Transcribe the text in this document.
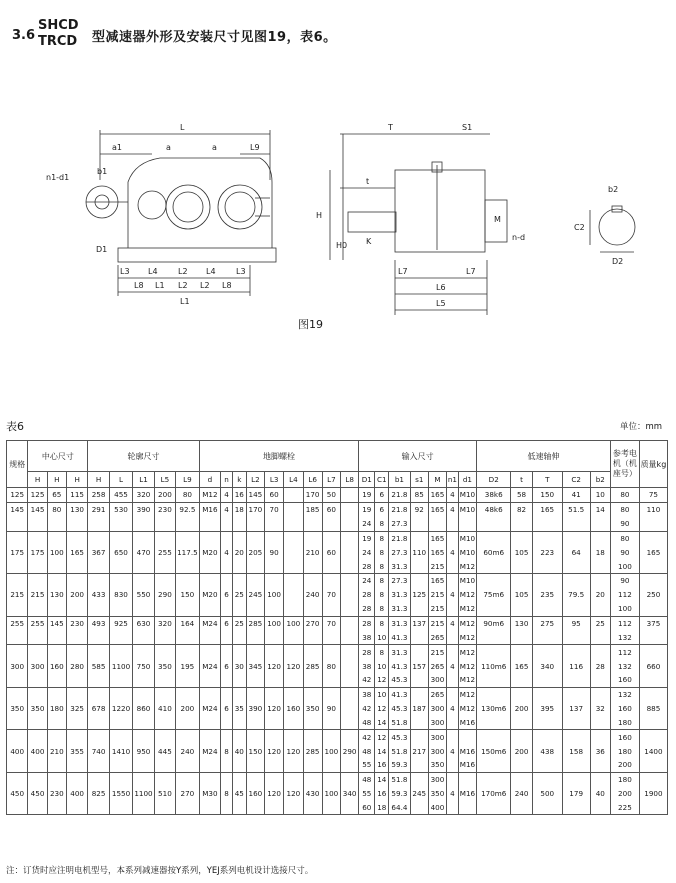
3.6
SHCD
TRCD 型减速器外形及安装尺寸见图19，表6。
L
a1	L9
n1-d1
b1
D1
L3 L4	L2 L4	L3
L8 L1 L2 L2 L8
a	a
L1
T	S1
t
H	M
H0 K	n-d
L7
L6
L7
L5
b2
C2
D2
图19
表6	单位：mm
规格	中心尺寸			轮廓尺寸					地脚螺栓									输入尺寸							低速轴伸					参考电机（机座号）	质量kg
	H	H	H	H	L	L1	L5	L9	d	n	k	L2	L3	L4	L6	L7	L8	D1	C1	b1	s1	M	n1	d1	D2	t	T	C2	b2		
125	125	65	115	258	455	320	200	80	M12	4	16	145	60		170	50		19	6	21.8	85	165	4	M10	38k6	58	150	41	10	80	75
145	145	80	130	291	530	390	230	92.5	M16	4	18	170	70		185	60		19	6	21.8	92	165	4	M10	48k6	82	165	51.5	14	80	110
																		24	8	27.3										90	
																		19	8	21.8		165		M10						80	
175	175	100	165	367	650	470	255	117.5	M20	4	20	205	90		210	60		24	8	27.3	110	165	4	M10	60m6	105	223	64	18	90	165
																		28	8	31.3		215		M12						100	
																		24	8	27.3		165		M10						90	
215	215	130	200	433	830	550	290	150	M20	6	25	245	100		240	70		28	8	31.3	125	215	4	M12	75m6	105	235	79.5	20	112	250
																		28	8	31.3		215		M12						100	
255	255	145	230	493	925	630	320	164	M24	6	25	285	100	100	270	70		28	8	31.3	137	215	4	M12	90m6	130	275	95	25	112	375
																		38	10	41.3		265		M12						132	
																		28	8	31.3		215		M12						112	
300	300	160	280	585	1100	750	350	195	M24	6	30	345	120	120	285	80		38	10	41.3	157	265	4	M12	110m6	165	340	116	28	132	660
																		42	12	45.3		300		M12						160	
																		38	10	41.3		265		M12						132	
350	350	180	325	678	1220	860	410	200	M24	6	35	390	120	160	350	90		42	12	45.3	187	300	4	M12	130m6	200	395	137	32	160	885
																		48	14	51.8		300		M16						180	
																		42	12	45.3		300								160	
400	400	210	355	740	1410	950	445	240	M24	8	40	150	120	120	285	100	290	48	14	51.8	217	300	4	M16	150m6	200	438	158	36	180	1400
																		55	16	59.3		350		M16						200	
																		48	14	51.8		300								180	
450	450	230	400	825	1550	1100	510	270	M30	8	45	160	120	120	430	100	340	55	16	59.3	245	350	4	M16	170m6	240	500	179	40	200	1900
																		60	18	64.4		400								225	
注：订货时应注明电机型号，本系列减速器按Y系列，YEJ系列电机设计选接尺寸。
